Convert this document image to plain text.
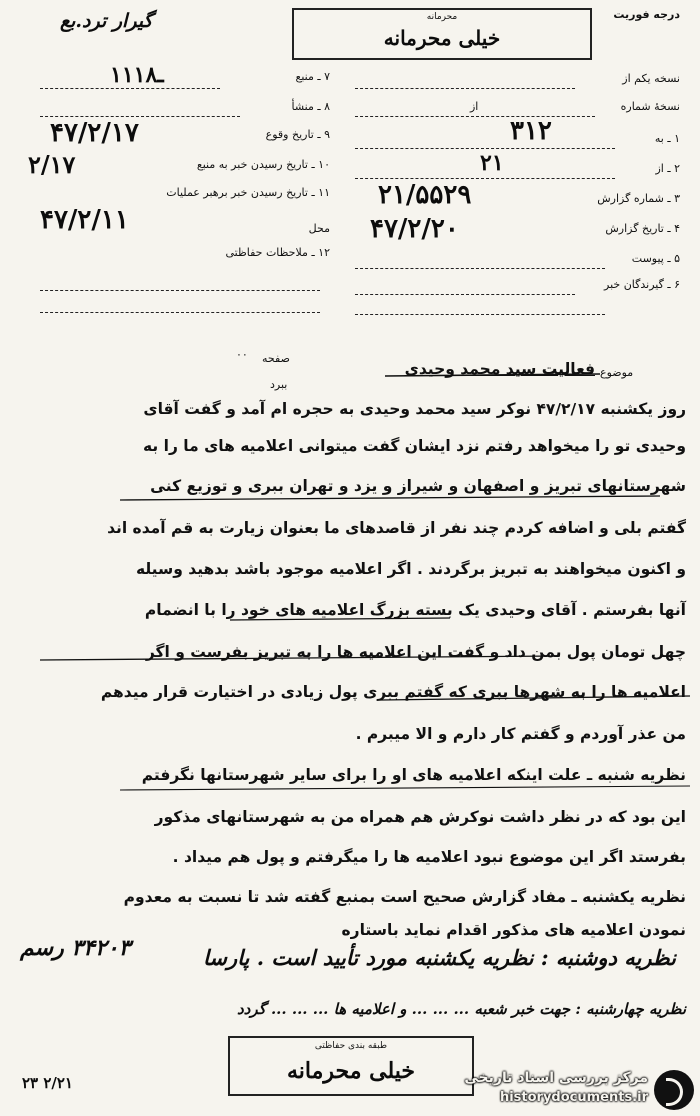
گیرار ترد.بع	درجه فوریت
محرمانه
خیلی محرمانه
۷ ـ منبع
۱۱۱ـ۸
۸ ـ منشأ
۹ ـ تاریخ وقوع
۴۷/۲/۱۷
۱۰ ـ تاریخ رسیدن خبر به منبع
۲/۱۷
۱۱ ـ تاریخ رسیدن خبر برهبر عملیات
۴۷/۲/۱۱	محل
۱۲ ـ ملاحظات حفاظتی
نسخه یکم از
نسخهٔ شماره
از
۱ ـ به
۳۱۲
۲ ـ از
۲۱
۳ ـ شماره گزارش
۲۱/۵۵۲۹
۴ ـ تاریخ گزارش
۴۷/۲/۲۰
۵ ـ پیوست
۶ ـ گیرندگان خبر
صفحه
۰۰
ببرد
موضوع
فعالیت سید محمد وحیدی
روز یکشنبه ۴۷/۲/۱۷ نوکر سید محمد وحیدی به حجره ام آمد و گفت آقای
وحیدی تو را میخواهد رفتم نزد ایشان گفت میتوانی اعلامیه های ما را به
شهرستانهای تبریز و اصفهان و شیراز و یزد و تهران ببری و توزیع کنی
گفتم بلی و اضافه کردم چند نفر از قاصدهای ما بعنوان زیارت به قم آمده اند
و اکنون میخواهند به تبریز برگردند . اگر اعلامیه موجود باشد بدهید وسیله
آنها بفرستم . آقای وحیدی یک بسته بزرگ اعلامیه های خود را با انضمام
چهل تومان پول بمن داد و گفت این اعلامیه ها را به تبریز بفرست و اگر
اعلامیه ها را به شهرها ببری که گفتم ببری پول زیادی در اختیارت قرار میدهم
من عذر آوردم و گفتم کار دارم و الا میبرم .
نظریه شنبه ـ علت اینکه اعلامیه های او را برای سایر شهرستانها نگرفتم
این بود که در نظر داشت نوکرش هم همراه من به شهرستانهای مذکور
بفرستد اگر این موضوع نبود اعلامیه ها را میگرفتم و پول هم میداد .
نظریه یکشنبه ـ مفاد گزارش صحیح است بمنبع گفته شد تا نسبت به معدوم
نمودن اعلامیه های مذکور اقدام نماید باستاره
نظریه دوشنبه : نظریه یکشنبه مورد تأیید است . پارسا
۳۴۲۰۳ رسم
نظریه چهارشنبه : جهت خبر شعبه ... ... ... و اعلامیه ها ... ... ... گردد
طبقه بندی حفاظتی
خیلی محرمانه
۲۳ ۲/۲۱	مرکز بررسی اسناد تاریخی
historydocuments.ir
